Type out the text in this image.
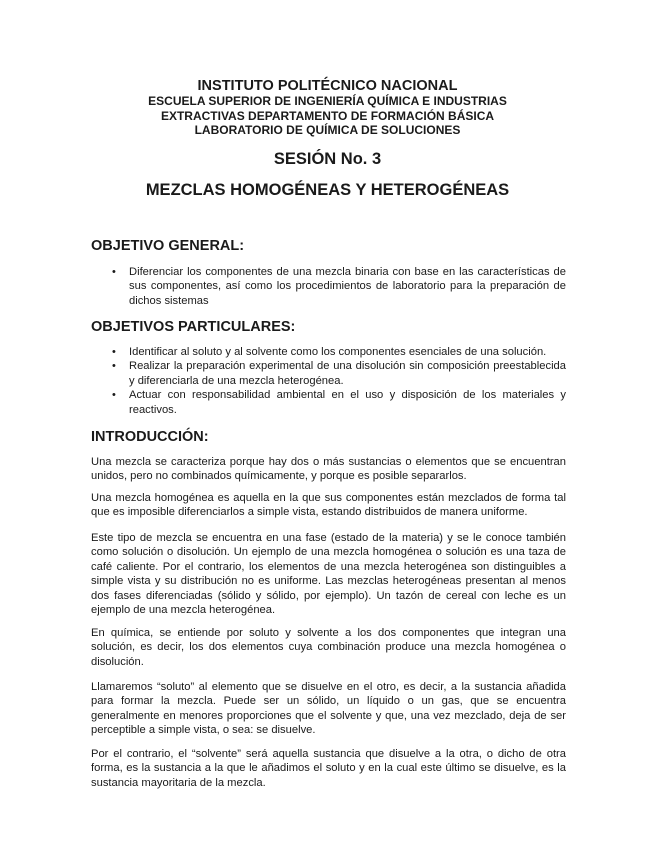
INSTITUTO POLITÉCNICO NACIONAL
ESCUELA SUPERIOR DE INGENIERÍA QUÍMICA E INDUSTRIAS
EXTRACTIVAS DEPARTAMENTO DE FORMACIÓN BÁSICA
LABORATORIO DE QUÍMICA DE SOLUCIONES
SESIÓN No. 3
MEZCLAS HOMOGÉNEAS Y HETEROGÉNEAS
OBJETIVO GENERAL:
• Diferenciar los componentes de una mezcla binaria con base en las características de sus componentes, así como los procedimientos de laboratorio para la preparación de dichos sistemas
OBJETIVOS PARTICULARES:
• Identificar al soluto y al solvente como los componentes esenciales de una solución.
• Realizar la preparación experimental de una disolución sin composición preestablecida y diferenciarla de una mezcla heterogénea.
• Actuar con responsabilidad ambiental en el uso y disposición de los materiales y reactivos.
INTRODUCCIÓN:

Una mezcla se caracteriza porque hay dos o más sustancias o elementos que se encuentran unidos, pero no combinados químicamente, y porque es posible separarlos.

Una mezcla homogénea es aquella en la que sus componentes están mezclados de forma tal que es imposible diferenciarlos a simple vista, estando distribuidos de manera uniforme.

Este tipo de mezcla se encuentra en una fase (estado de la materia) y se le conoce también como solución o disolución. Un ejemplo de una mezcla homogénea o solución es una taza de café caliente. Por el contrario, los elementos de una mezcla heterogénea son distinguibles a simple vista y su distribución no es uniforme. Las mezclas heterogéneas presentan al menos dos fases diferenciadas (sólido y sólido, por ejemplo). Un tazón de cereal con leche es un ejemplo de una mezcla heterogénea.

En química, se entiende por soluto y solvente a los dos componentes que integran una solución, es decir, los dos elementos cuya combinación produce una mezcla homogénea o disolución.

Llamaremos “soluto” al elemento que se disuelve en el otro, es decir, a la sustancia añadida para formar la mezcla. Puede ser un sólido, un líquido o un gas, que se encuentra generalmente en menores proporciones que el solvente y que, una vez mezclado, deja de ser perceptible a simple vista, o sea: se disuelve.

Por el contrario, el “solvente” será aquella sustancia que disuelve a la otra, o dicho de otra forma, es la sustancia a la que le añadimos el soluto y en la cual este último se disuelve, es la sustancia mayoritaria de la mezcla.
